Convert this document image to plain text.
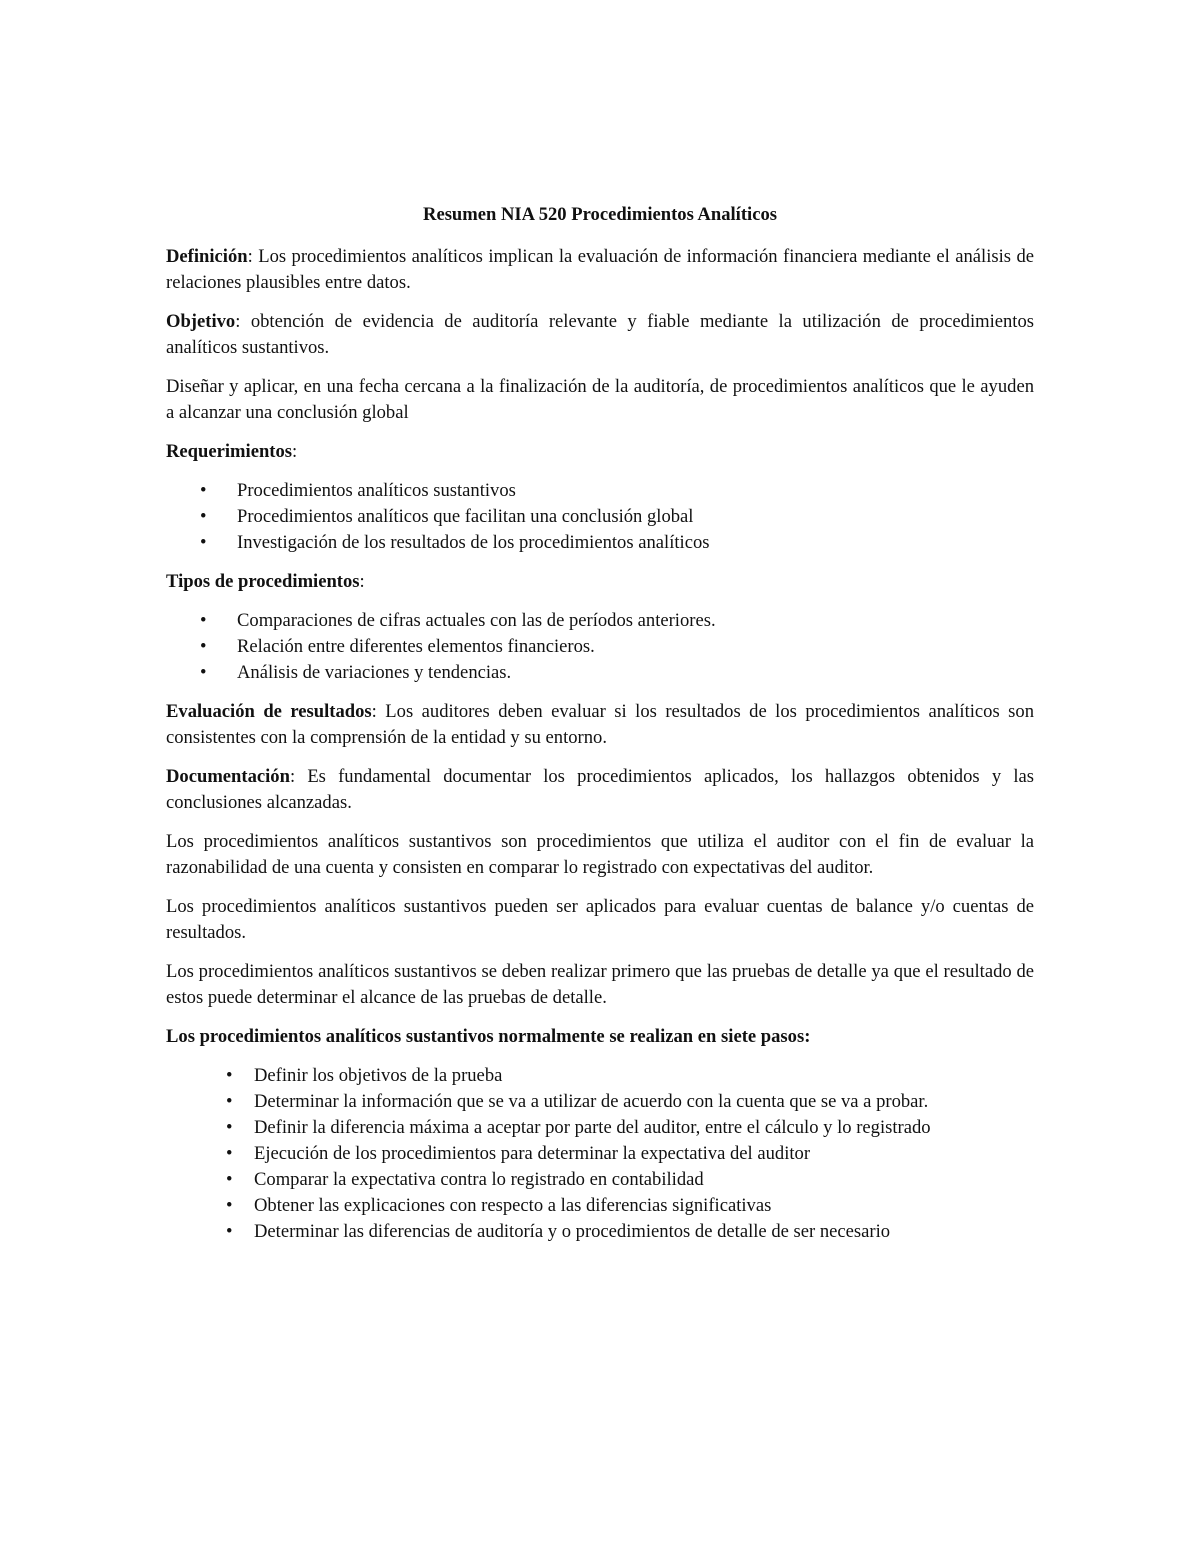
Resumen NIA 520 Procedimientos Analíticos

Definición: Los procedimientos analíticos implican la evaluación de información financiera mediante el análisis de relaciones plausibles entre datos.

Objetivo: obtención de evidencia de auditoría relevante y fiable mediante la utilización de procedimientos analíticos sustantivos.

Diseñar y aplicar, en una fecha cercana a la finalización de la auditoría, de procedimientos analíticos que le ayuden a alcanzar una conclusión global

Requerimientos:

• Procedimientos analíticos sustantivos
• Procedimientos analíticos que facilitan una conclusión global
• Investigación de los resultados de los procedimientos analíticos

Tipos de procedimientos:

• Comparaciones de cifras actuales con las de períodos anteriores.
• Relación entre diferentes elementos financieros.
• Análisis de variaciones y tendencias.

Evaluación de resultados: Los auditores deben evaluar si los resultados de los procedimientos analíticos son consistentes con la comprensión de la entidad y su entorno.

Documentación: Es fundamental documentar los procedimientos aplicados, los hallazgos obtenidos y las conclusiones alcanzadas.

Los procedimientos analíticos sustantivos son procedimientos que utiliza el auditor con el fin de evaluar la razonabilidad de una cuenta y consisten en comparar lo registrado con expectativas del auditor.

Los procedimientos analíticos sustantivos pueden ser aplicados para evaluar cuentas de balance y/o cuentas de resultados.

Los procedimientos analíticos sustantivos se deben realizar primero que las pruebas de detalle ya que el resultado de estos puede determinar el alcance de las pruebas de detalle.

Los procedimientos analíticos sustantivos normalmente se realizan en siete pasos:

• Definir los objetivos de la prueba
• Determinar la información que se va a utilizar de acuerdo con la cuenta que se va a probar.
• Definir la diferencia máxima a aceptar por parte del auditor, entre el cálculo y lo registrado
• Ejecución de los procedimientos para determinar la expectativa del auditor
• Comparar la expectativa contra lo registrado en contabilidad
• Obtener las explicaciones con respecto a las diferencias significativas
• Determinar las diferencias de auditoría y o procedimientos de detalle de ser necesario
